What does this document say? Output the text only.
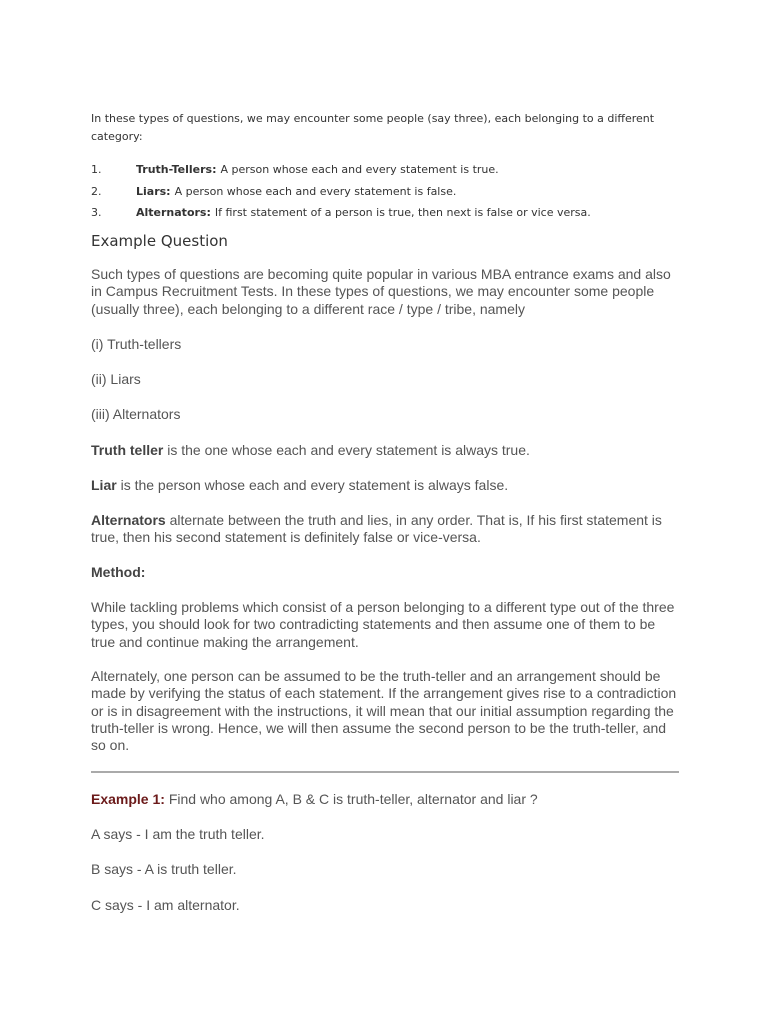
In these types of questions, we may encounter some people (say three), each belonging to a different category:

1.	Truth-Tellers: A person whose each and every statement is true.
2.	Liars: A person whose each and every statement is false.
3.	Alternators: If first statement of a person is true, then next is false or vice versa.
Example Question

Such types of questions are becoming quite popular in various MBA entrance exams and also in Campus Recruitment Tests. In these types of questions, we may encounter some people (usually three), each belonging to a different race / type / tribe, namely

(i) Truth-tellers

(ii) Liars

(iii) Alternators

Truth teller is the one whose each and every statement is always true.

Liar is the person whose each and every statement is always false.

Alternators alternate between the truth and lies, in any order. That is, If his first statement is true, then his second statement is definitely false or vice-versa.

Method:

While tackling problems which consist of a person belonging to a different type out of the three types, you should look for two contradicting statements and then assume one of them to be true and continue making the arrangement.

Alternately, one person can be assumed to be the truth-teller and an arrangement should be made by verifying the status of each statement. If the arrangement gives rise to a contradiction or is in disagreement with the instructions, it will mean that our initial assumption regarding the truth-teller is wrong. Hence, we will then assume the second person to be the truth-teller, and so on.

Example 1: Find who among A, B & C is truth-teller, alternator and liar ?

A says - I am the truth teller.

B says - A is truth teller.

C says - I am alternator.
